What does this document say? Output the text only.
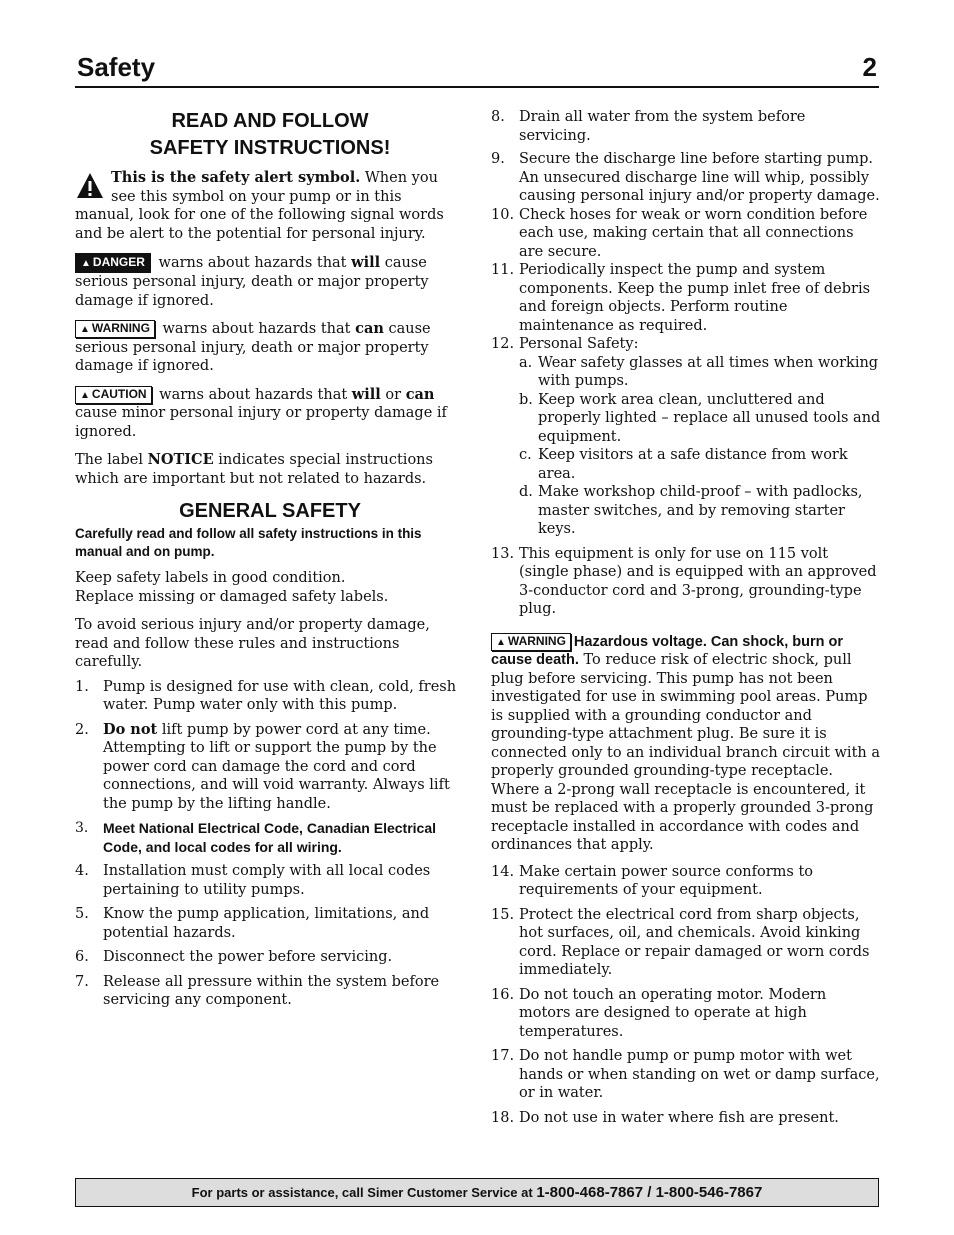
Safety	2
READ AND FOLLOW
SAFETY INSTRUCTIONS!

This is the safety alert symbol. When you see this symbol on your pump or in this manual, look for one of the following signal words and be alert to the potential for personal injury.

▲ DANGER warns about hazards that will cause serious personal injury, death or major property damage if ignored.

▲ WARNING warns about hazards that can cause serious personal injury, death or major property damage if ignored.

▲ CAUTION warns about hazards that will or can cause minor personal injury or property damage if ignored.

The label NOTICE indicates special instructions which are important but not related to hazards.

GENERAL SAFETY

Carefully read and follow all safety instructions in this manual and on pump.

Keep safety labels in good condition.
Replace missing or damaged safety labels.

To avoid serious injury and/or property damage, read and follow these rules and instructions carefully.

1. Pump is designed for use with clean, cold, fresh water. Pump water only with this pump.
2. Do not lift pump by power cord at any time. Attempting to lift or support the pump by the power cord can damage the cord and cord connections, and will void warranty. Always lift the pump by the lifting handle.
3. Meet National Electrical Code, Canadian Electrical Code, and local codes for all wiring.
4. Installation must comply with all local codes pertaining to utility pumps.
5. Know the pump application, limitations, and potential hazards.
6. Disconnect the power before servicing.
7. Release all pressure within the system before servicing any component.
8. Drain all water from the system before servicing.
9. Secure the discharge line before starting pump. An unsecured discharge line will whip, possibly causing personal injury and/or property damage.
10. Check hoses for weak or worn condition before each use, making certain that all connections are secure.
11. Periodically inspect the pump and system components. Keep the pump inlet free of debris and foreign objects. Perform routine maintenance as required.
12. Personal Safety:
a. Wear safety glasses at all times when working with pumps.
b. Keep work area clean, uncluttered and properly lighted – replace all unused tools and equipment.
c. Keep visitors at a safe distance from work area.
d. Make workshop child-proof – with padlocks, master switches, and by removing starter keys.
13. This equipment is only for use on 115 volt (single phase) and is equipped with an approved 3-conductor cord and 3-prong, grounding-type plug.

▲ WARNING Hazardous voltage. Can shock, burn or cause death. To reduce risk of electric shock, pull plug before servicing. This pump has not been investigated for use in swimming pool areas. Pump is supplied with a grounding conductor and grounding-type attachment plug. Be sure it is connected only to an individual branch circuit with a properly grounded grounding-type receptacle. Where a 2-prong wall receptacle is encountered, it must be replaced with a properly grounded 3-prong receptacle installed in accordance with codes and ordinances that apply.

14. Make certain power source conforms to requirements of your equipment.
15. Protect the electrical cord from sharp objects, hot surfaces, oil, and chemicals. Avoid kinking cord. Replace or repair damaged or worn cords immediately.
16. Do not touch an operating motor. Modern motors are designed to operate at high temperatures.
17. Do not handle pump or pump motor with wet hands or when standing on wet or damp surface, or in water.
18. Do not use in water where fish are present.
For parts or assistance, call Simer Customer Service at 1-800-468-7867 / 1-800-546-7867
